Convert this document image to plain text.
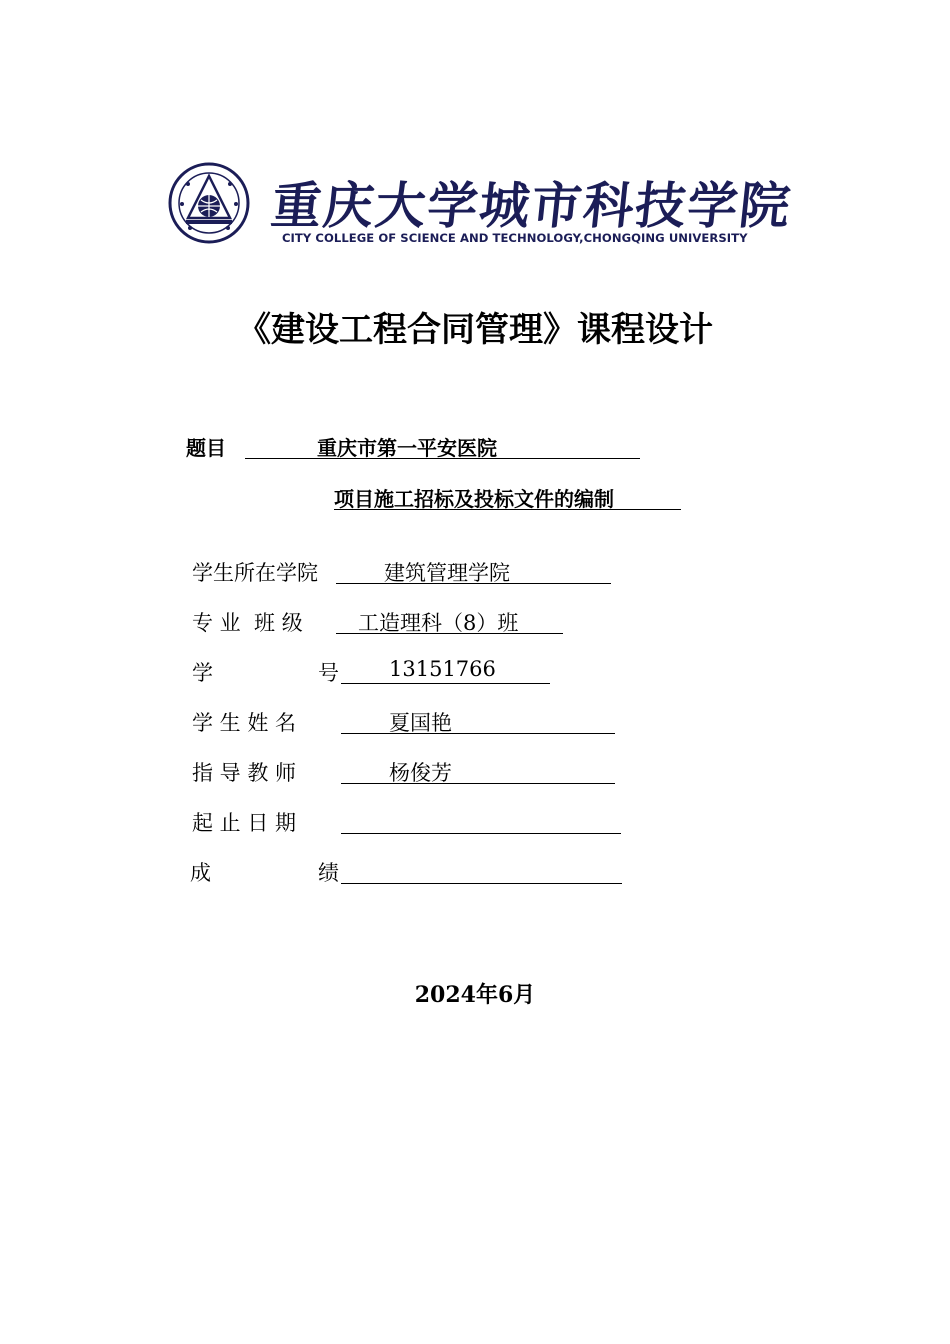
重庆大学城市科技学院
CITY COLLEGE OF SCIENCE AND TECHNOLOGY,CHONGQING UNIVERSITY
《建设工程合同管理》课程设计
题目	重庆市第一平安医院
项目施工招标及投标文件的编制
学生所在学院	建筑管理学院
专 业  班 级	工造理科（8）班
学	号 13151766
学 生 姓 名	夏国艳
指 导 教 师	杨俊芳
起 止 日 期
成	绩
2024年6月
